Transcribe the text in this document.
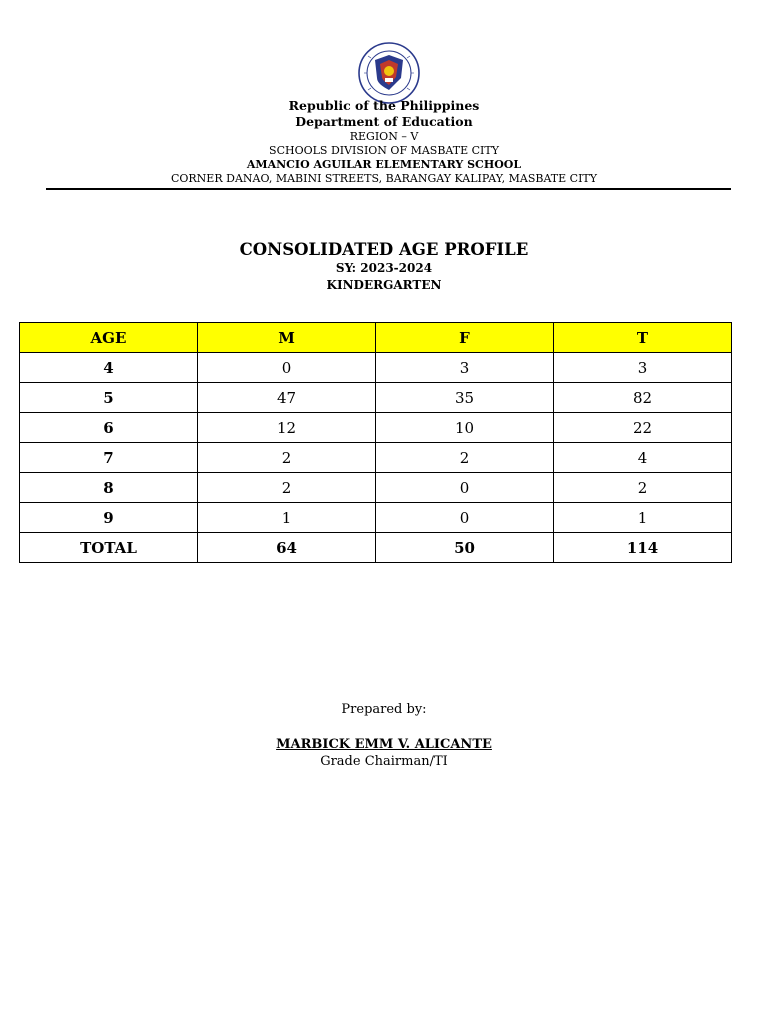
Republic of the Philippines
Department of Education
REGION – V
SCHOOLS DIVISION OF MASBATE CITY
AMANCIO AGUILAR ELEMENTARY SCHOOL
CORNER DANAO, MABINI STREETS, BARANGAY KALIPAY, MASBATE CITY
CONSOLIDATED AGE PROFILE
SY: 2023-2024
KINDERGARTEN
AGE	M	F	T
4	0	3	3
5	47	35	82
6	12	10	22
7	2	2	4
8	2	0	2
9	1	0	1
TOTAL	64	50	114
Prepared by:
MARBICK EMM V. ALICANTE
Grade Chairman/TI
